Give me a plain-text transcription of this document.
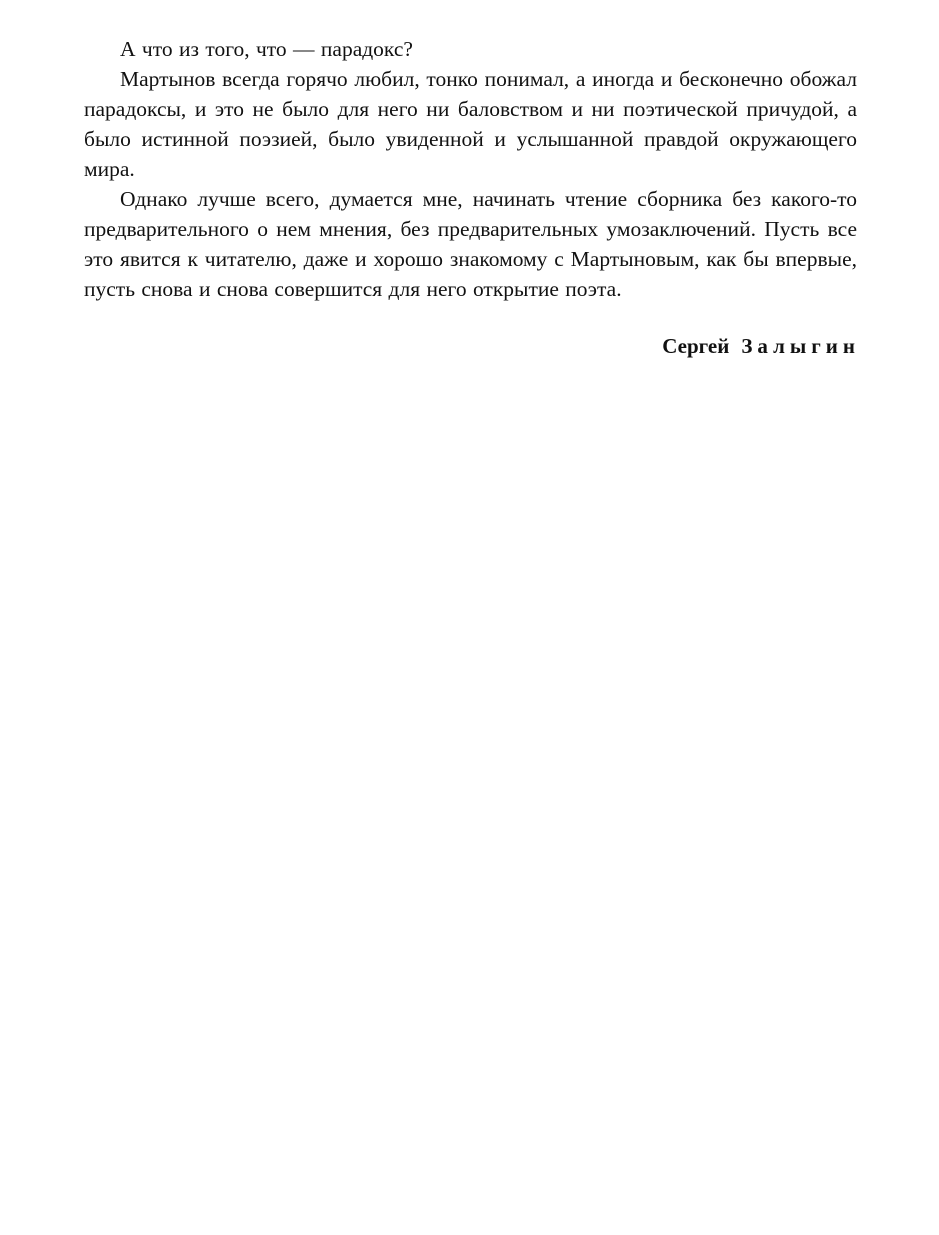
А что из того, что — парадокс?

Мартынов всегда горячо любил, тонко понимал, а иногда и бесконечно обожал парадоксы, и это не было для него ни баловством и ни поэтической причудой, а было истинной поэзией, было увиденной и услышанной правдой окружающего мира.

Однако лучше всего, думается мне, начинать чтение сборника без какого-то предварительного о нем мнения, без предварительных умозаключений. Пусть все это явится к читателю, даже и хорошо знакомому с Мартыновым, как бы впервые, пусть снова и снова совершится для него открытие поэта.

Сергей Залыгин
